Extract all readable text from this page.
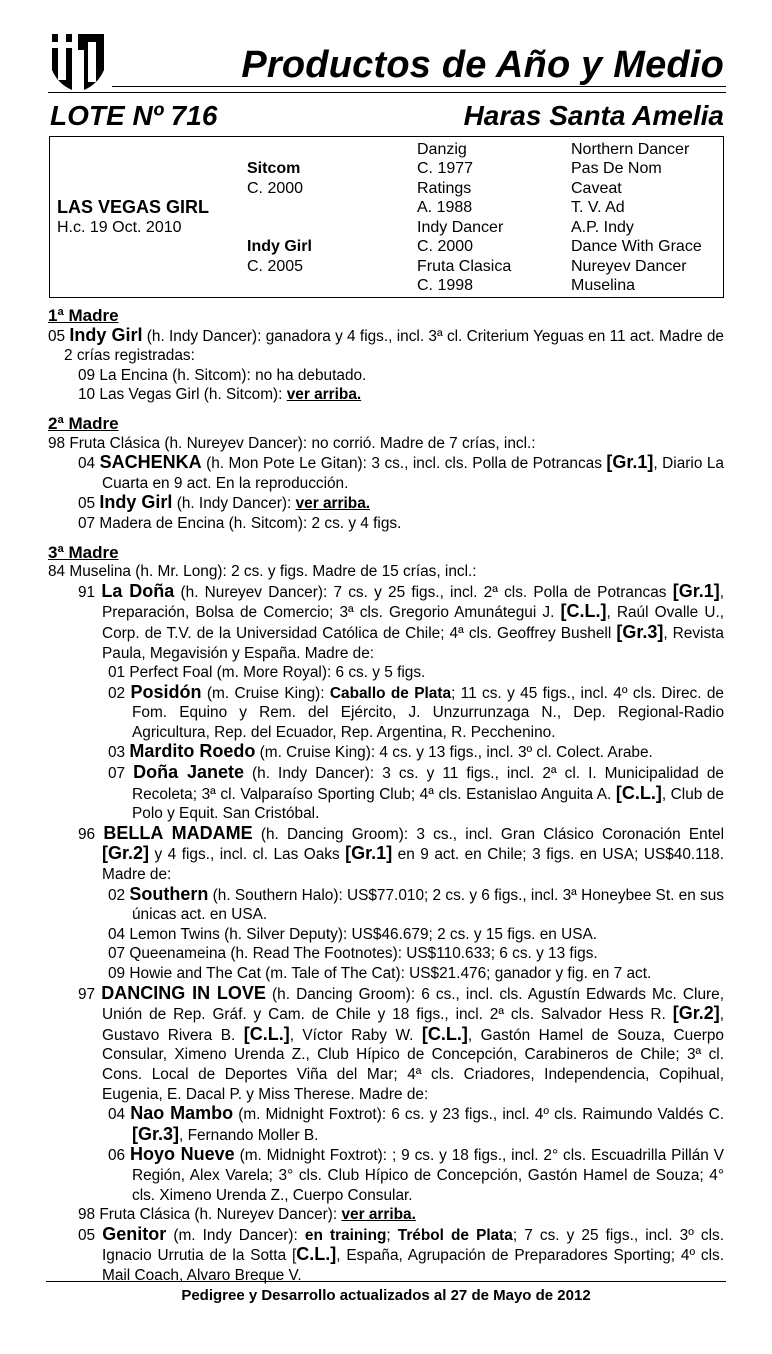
Productos de Año y Medio
LOTE Nº 716	Haras Santa Amelia
LAS VEGAS GIRL
H.c. 19 Oct. 2010
Sitcom
C. 2000
Indy Girl
C. 2005
Danzig
C. 1977
Ratings
A. 1988
Indy Dancer
C. 2000
Fruta Clasica
C. 1998
Northern Dancer
Pas De Nom
Caveat
T. V. Ad
A.P. Indy
Dance With Grace
Nureyev Dancer
Muselina
1ª Madre
05 Indy Girl (h. Indy Dancer): ganadora y 4 figs., incl. 3ª cl. Criterium Yeguas en 11 act. Madre de 2 crías registradas:
09 La Encina (h. Sitcom): no ha debutado.
10 Las Vegas Girl (h. Sitcom): ver arriba.
2ª Madre
98 Fruta Clásica (h. Nureyev Dancer): no corrió. Madre de 7 crías, incl.:
04 SACHENKA (h. Mon Pote Le Gitan): 3 cs., incl. cls. Polla de Potrancas [Gr.1], Diario La Cuarta en 9 act. En la reproducción.
05 Indy Girl (h. Indy Dancer): ver arriba.
07 Madera de Encina (h. Sitcom): 2 cs. y 4 figs.
3ª Madre
84 Muselina (h. Mr. Long): 2 cs. y figs. Madre de 15 crías, incl.:
91 La Doña (h. Nureyev Dancer): 7 cs. y 25 figs., incl. 2ª cls. Polla de Potrancas [Gr.1], Preparación, Bolsa de Comercio; 3ª cls. Gregorio Amunátegui J. [C.L.], Raúl Ovalle U., Corp. de T.V. de la Universidad Católica de Chile; 4ª cls. Geoffrey Bushell [Gr.3], Revista Paula, Megavisión y España. Madre de:
01 Perfect Foal (m. More Royal): 6 cs. y 5 figs.
02 Posidón (m. Cruise King): Caballo de Plata; 11 cs. y 45 figs., incl. 4º cls. Direc. de Fom. Equino y Rem. del Ejército, J. Unzurrunzaga N., Dep. Regional-Radio Agricultura, Rep. del Ecuador, Rep. Argentina, R. Pecchenino.
03 Mardito Roedo (m. Cruise King): 4 cs. y 13 figs., incl. 3º cl. Colect. Arabe.
07 Doña Janete (h. Indy Dancer): 3 cs. y 11 figs., incl. 2ª cl. I. Municipalidad de Recoleta; 3ª cl. Valparaíso Sporting Club; 4ª cls. Estanislao Anguita A. [C.L.], Club de Polo y Equit. San Cristóbal.
96 BELLA MADAME (h. Dancing Groom): 3 cs., incl. Gran Clásico Coronación Entel [Gr.2] y 4 figs., incl. cl. Las Oaks [Gr.1] en 9 act. en Chile; 3 figs. en USA; US$40.118. Madre de:
02 Southern (h. Southern Halo): US$77.010; 2 cs. y 6 figs., incl. 3ª Honeybee St. en sus únicas act. en USA.
04 Lemon Twins (h. Silver Deputy): US$46.679; 2 cs. y 15 figs. en USA.
07 Queenameina (h. Read The Footnotes): US$110.633; 6 cs. y 13 figs.
09 Howie and The Cat (m. Tale of The Cat): US$21.476; ganador y fig. en 7 act.
97 DANCING IN LOVE (h. Dancing Groom): 6 cs., incl. cls. Agustín Edwards Mc. Clure, Unión de Rep. Gráf. y Cam. de Chile y 18 figs., incl. 2ª cls. Salvador Hess R. [Gr.2], Gustavo Rivera B. [C.L.], Víctor Raby W. [C.L.], Gastón Hamel de Souza, Cuerpo Consular, Ximeno Urenda Z., Club Hípico de Concepción, Carabineros de Chile; 3ª cl. Cons. Local de Deportes Viña del Mar; 4ª cls. Criadores, Independencia, Copihual, Eugenia, E. Dacal P. y Miss Therese. Madre de:
04 Nao Mambo (m. Midnight Foxtrot): 6 cs. y 23 figs., incl. 4º cls. Raimundo Valdés C. [Gr.3], Fernando Moller B.
06 Hoyo Nueve (m. Midnight Foxtrot): ; 9 cs. y 18 figs., incl. 2° cls. Escuadrilla Pillán V Región, Alex Varela; 3° cls. Club Hípico de Concepción, Gastón Hamel de Souza; 4° cls. Ximeno Urenda Z., Cuerpo Consular.
98 Fruta Clásica (h. Nureyev Dancer): ver arriba.
05 Genitor (m. Indy Dancer): en training; Trébol de Plata; 7 cs. y 25 figs., incl. 3º cls. Ignacio Urrutia de la Sotta [C.L.], España, Agrupación de Preparadores Sporting; 4º cls. Mail Coach, Alvaro Breque V.
Pedigree y Desarrollo actualizados al 27 de Mayo de 2012
